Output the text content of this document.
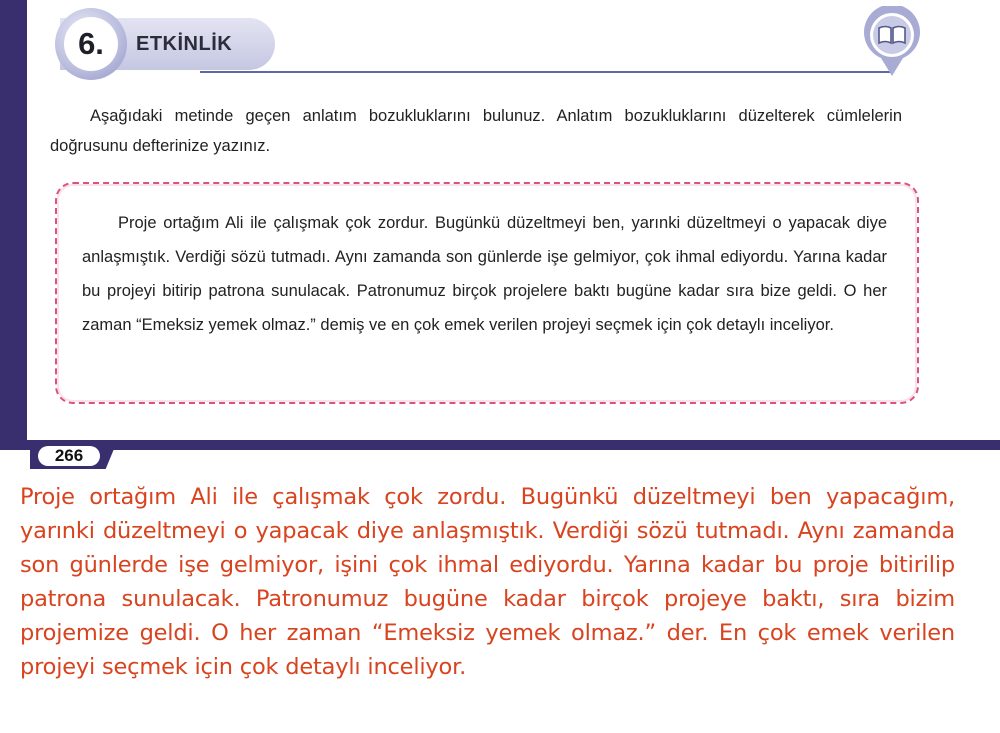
6.	ETKİNLİK

Aşağıdaki metinde geçen anlatım bozukluklarını bulunuz. Anlatım bozukluklarını düzelterek cümlelerin doğrusunu defterinize yazınız.

Proje ortağım Ali ile çalışmak çok zordur. Bugünkü düzeltmeyi ben, yarınki düzeltmeyi o yapacak diye anlaşmıştık. Verdiği sözü tutmadı. Aynı zamanda son günlerde işe gelmiyor, çok ihmal ediyordu. Yarına kadar bu projeyi bitirip patrona sunulacak. Patronumuz birçok projelere baktı bugüne kadar sıra bize geldi. O her zaman “Emeksiz yemek olmaz.” demiş ve en çok emek verilen projeyi seçmek için çok detaylı inceliyor.

266

Proje ortağım Ali ile çalışmak çok zordu. Bugünkü düzeltmeyi ben yapacağım, yarınki düzeltmeyi o yapacak diye anlaşmıştık. Verdiği sözü tutmadı. Aynı zamanda son günlerde işe gelmiyor, işini çok ihmal ediyordu. Yarına kadar bu proje bitirilip patrona sunulacak. Patronumuz bugüne kadar birçok projeye baktı, sıra bizim projemize geldi. O her zaman “Emeksiz yemek olmaz.” der. En çok emek verilen projeyi seçmek için çok detaylı inceliyor.
